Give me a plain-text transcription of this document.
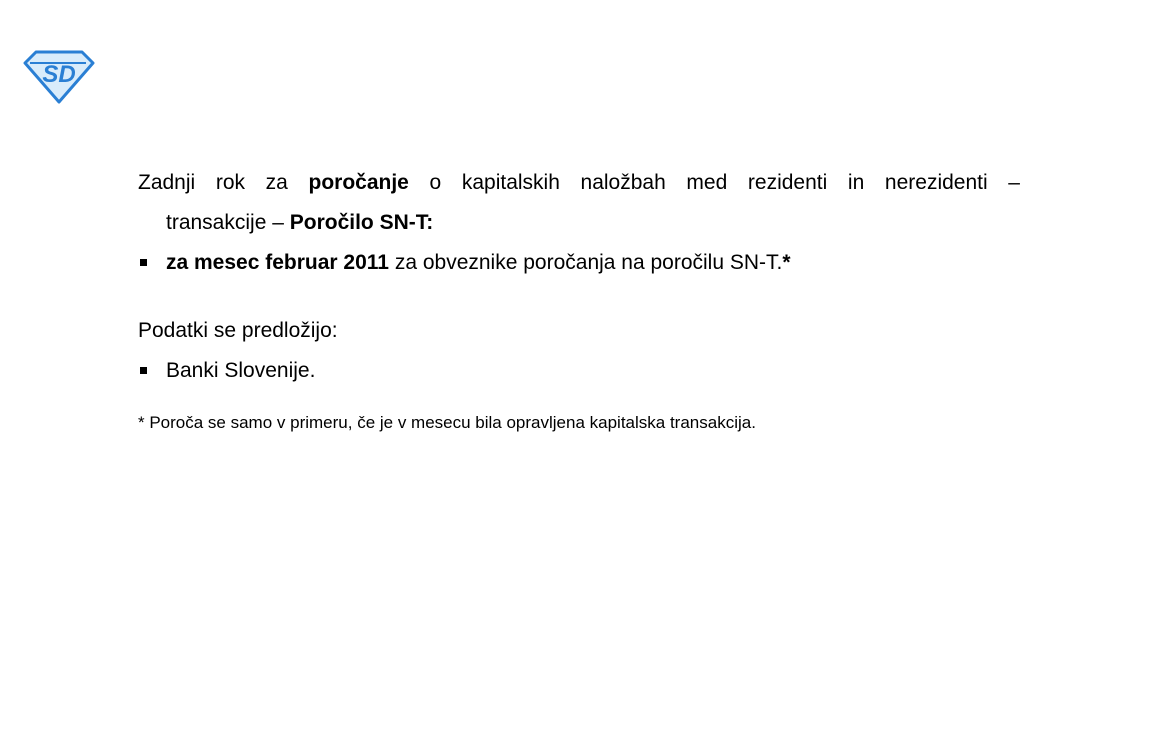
SD

Zadnji rok za poročanje o kapitalskih naložbah med rezidenti in nerezidenti –

transakcije – Poročilo SN-T:

za mesec februar 2011 za obveznike poročanja na poročilu SN-T.*

Podatki se predložijo:

Banki Slovenije.

* Poroča se samo v primeru, če je v mesecu bila opravljena kapitalska transakcija.
